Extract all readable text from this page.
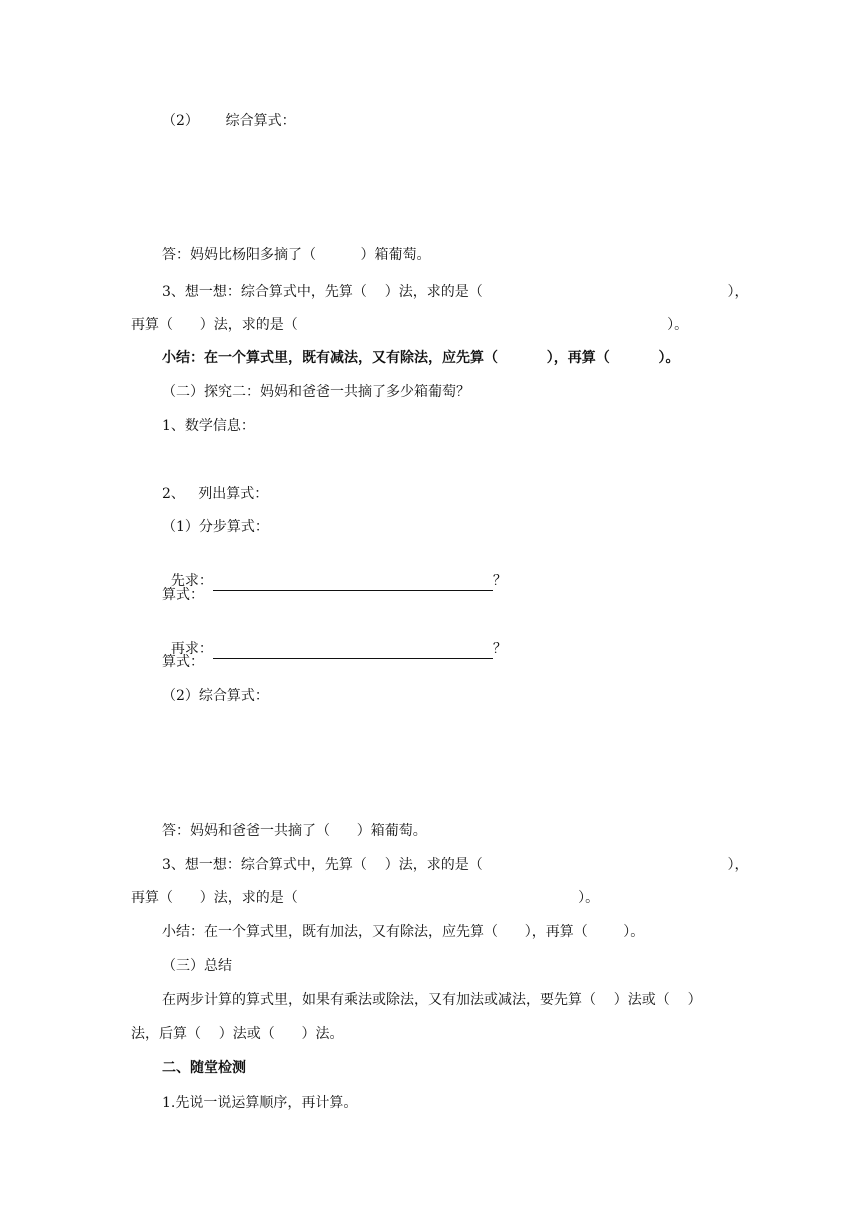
（2）      综合算式：
答：妈妈比杨阳多摘了（          ）箱葡萄。
3、想一想：综合算式中，先算（    ）法，求的是（                                                       ），
再算（      ）法，求的是（                                                                                   ）。
小结：在一个算式里，既有减法，又有除法，应先算（          ），再算（          ）。
（二）探究二：妈妈和爸爸一共摘了多少箱葡萄？
1、数学信息：
2、   列出算式：
（1）分步算式：

先求：	？

算式：

再求：	？

算式：
（2）综合算式：
答：妈妈和爸爸一共摘了（      ）箱葡萄。
3、想一想：综合算式中，先算（    ）法，求的是（                                                       ），
再算（      ）法，求的是（                                                               ）。
小结：在一个算式里，既有加法，又有除法，应先算（      ），再算（        ）。
（三）总结
在两步计算的算式里，如果有乘法或除法，又有加法或减法，要先算（    ）法或（    ）
法，后算（    ）法或（      ）法。
二、随堂检测
1.先说一说运算顺序，再计算。
